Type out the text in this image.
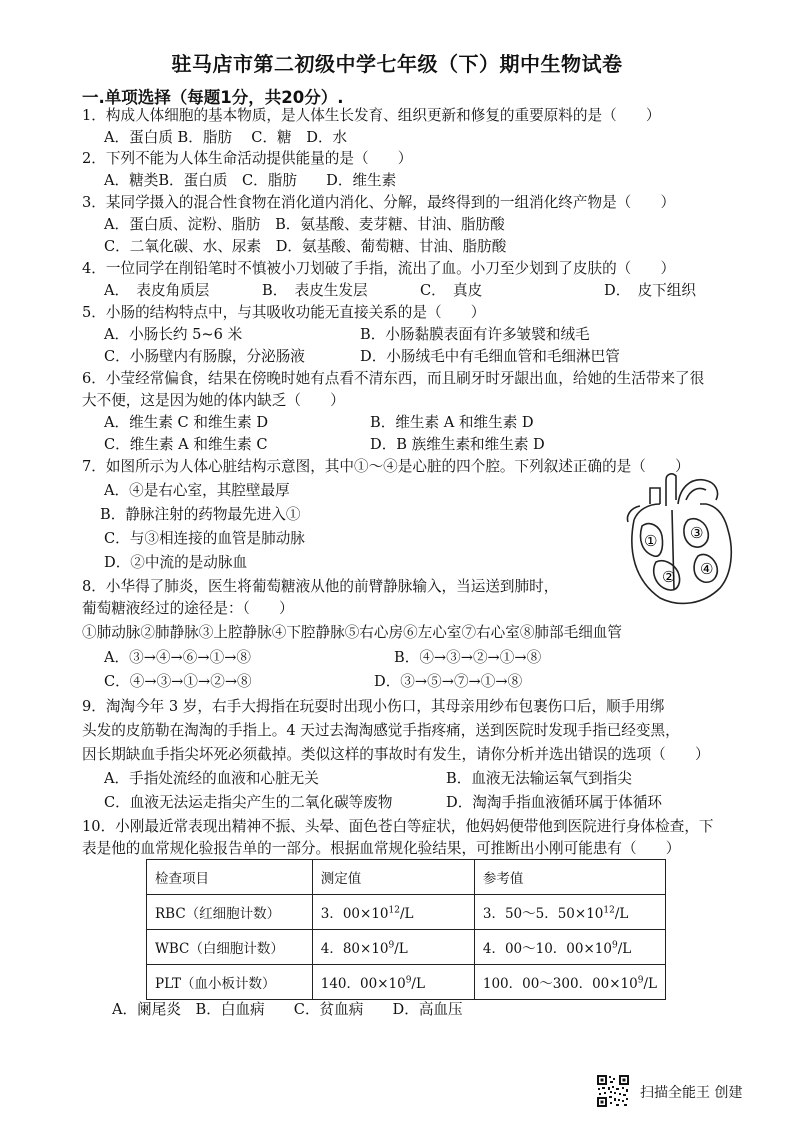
驻马店市第二初级中学七年级（下）期中生物试卷
一.单项选择（每题1分，共20分）.
1．构成人体细胞的基本物质，是人体生长发育、组织更新和修复的重要原料的是（　　）
A．蛋白质 B．脂肪　 C．糖　D．水
2．下列不能为人体生命活动提供能量的是（　　）
A．糖类B．蛋白质　C．脂肪　　D．维生素
3．某同学摄入的混合性食物在消化道内消化、分解，最终得到的一组消化终产物是（　　）
A．蛋白质、淀粉、脂肪　B．氨基酸、麦芽糖、甘油、脂肪酸
C．二氧化碳、水、尿素　D．氨基酸、葡萄糖、甘油、脂肪酸
4．一位同学在削铅笔时不慎被小刀划破了手指，流出了血。小刀至少划到了皮肤的（　　）
A．　表皮角质层	B．　表皮生发层	C．　真皮	D．　皮下组织
5．小肠的结构特点中，与其吸收功能无直接关系的是（　　）
A．小肠长约 5~6 米	B．小肠黏膜表面有许多皱襞和绒毛
C．小肠壁内有肠腺，分泌肠液	D．小肠绒毛中有毛细血管和毛细淋巴管
6．小莹经常偏食，结果在傍晚时她有点看不清东西，而且刷牙时牙龈出血，给她的生活带来了很
大不便，这是因为她的体内缺乏（　　）
A．维生素 C 和维生素 D	B．维生素 A 和维生素 D
C．维生素 A 和维生素 C	D．B 族维生素和维生素 D
7．如图所示为人体心脏结构示意图，其中①～④是心脏的四个腔。下列叙述正确的是（　　）
A．④是右心室，其腔壁最厚
B．静脉注射的药物最先进入①
C．与③相连接的血管是肺动脉
D．②中流的是动脉血
①
②
③
④
8．小华得了肺炎，医生将葡萄糖液从他的前臂静脉输入，当运送到肺时，
葡萄糖液经过的途径是：（　　）
①肺动脉②肺静脉③上腔静脉④下腔静脉⑤右心房⑥左心室⑦右心室⑧肺部毛细血管
A．③→④→⑥→①→⑧	B．④→③→②→①→⑧
C．④→③→①→②→⑧	D．③→⑤→⑦→①→⑧
9．淘淘今年 3 岁，右手大拇指在玩耍时出现小伤口，其母亲用纱布包裹伤口后，顺手用绑
头发的皮筋勒在淘淘的手指上。4 天过去淘淘感觉手指疼痛，送到医院时发现手指已经变黑，
因长期缺血手指尖坏死必须截掉。类似这样的事故时有发生，请你分析并选出错误的选项（　　）
A．手指处流经的血液和心脏无关	B．血液无法输运氧气到指尖
C．血液无法运走指尖产生的二氧化碳等废物	D．淘淘手指血液循环属于体循环
10．小刚最近常表现出精神不振、头晕、面色苍白等症状，他妈妈便带他到医院进行身体检查，下
表是他的血常规化验报告单的一部分。根据血常规化验结果，可推断出小刚可能患有（　　）
检查项目	测定值	参考值
RBC（红细胞计数）	3．$00\times 10^{12}/L$	3．50～5．$50\times 10^{12}/L$
WBC（白细胞计数）	4．$80\times 10^9/L$	4．00～10．$00\times 10^9/L$
PLT（血小板计数）	140．$00\times 10^9/L$	100．00～300．$00\times 10^9/L$
A．阑尾炎　B．白血病　　C．贫血病　　D．高血压
扫描全能王 创建
